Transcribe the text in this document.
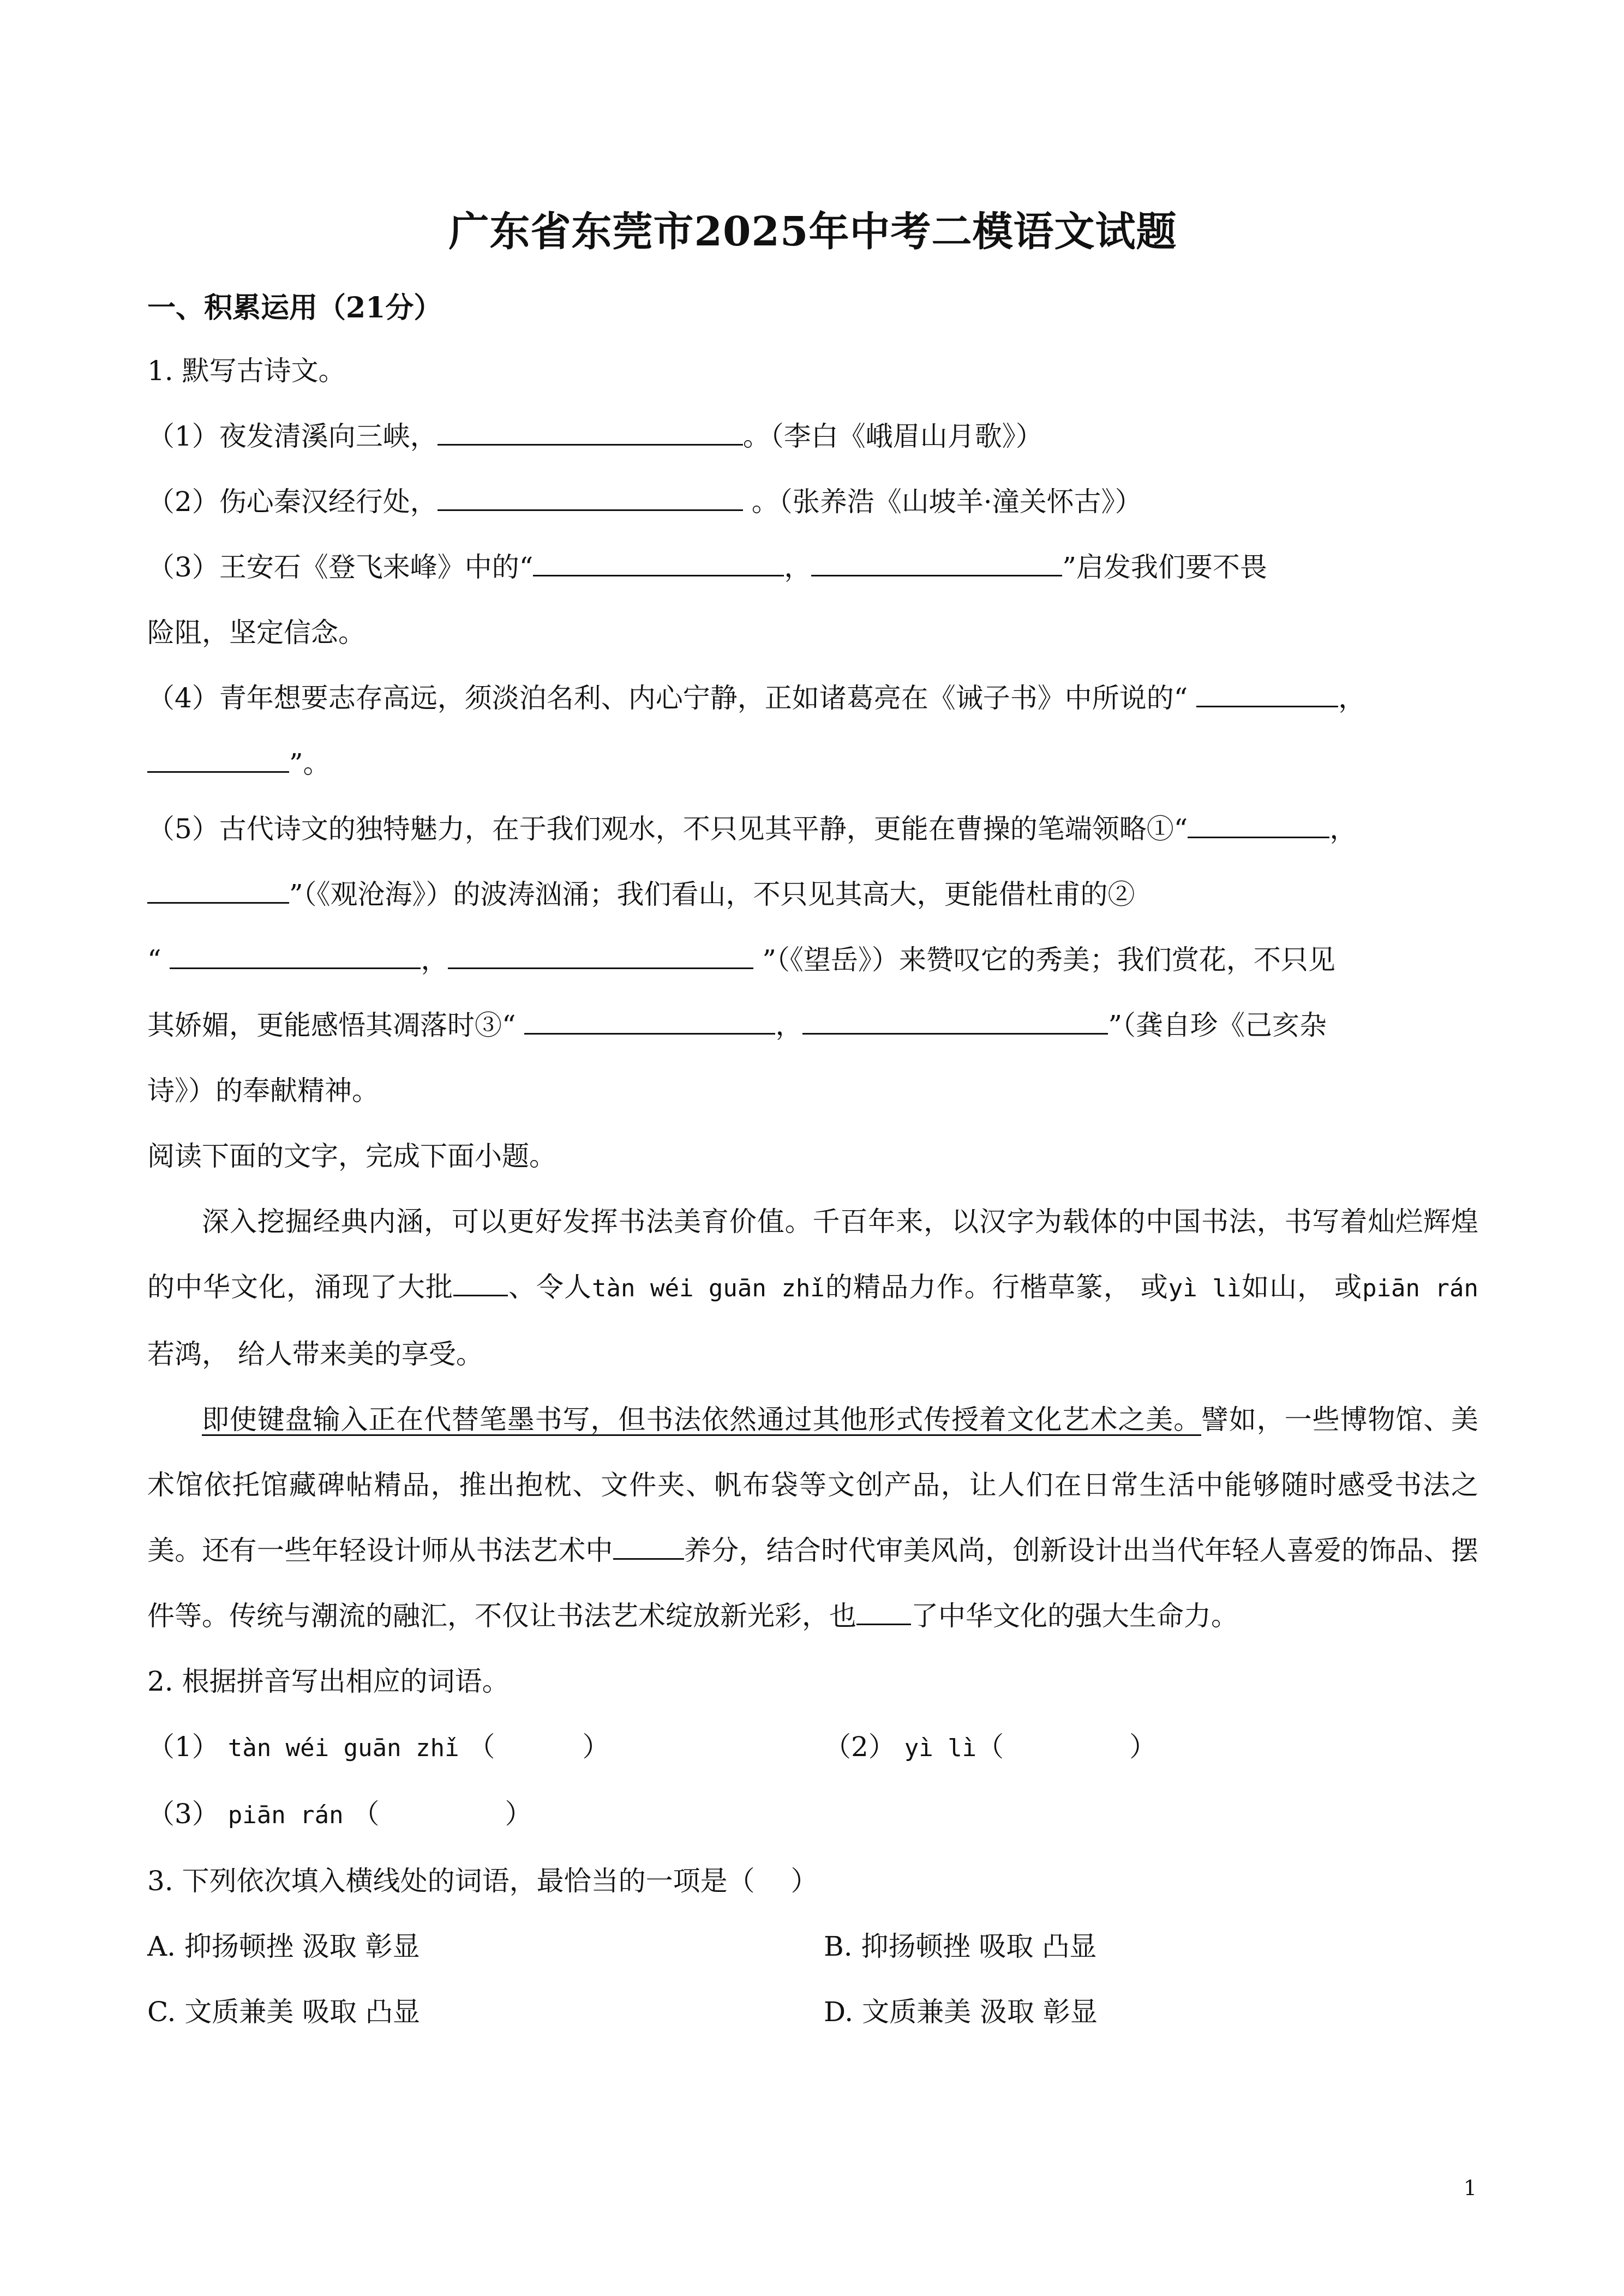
广东省东莞市2025年中考二模语文试题
一、积累运用（21分）
1. 默写古诗文。
（1）夜发清溪向三峡，	。（李白《峨眉山月歌》）
（2）伤心秦汉经行处，	。（张养浩《山坡羊·潼关怀古》）
（3）王安石《登飞来峰》中的“	，	”启发我们要不畏
险阻，坚定信念。
（4）青年想要志存高远，须淡泊名利、内心宁静，正如诸葛亮在《诫子书》中所说的“	，
”。
（5）古代诗文的独特魅力，在于我们观水，不只见其平静，更能在曹操的笔端领略①“	，
”（《观沧海》）的波涛汹涌；我们看山，不只见其高大，更能借杜甫的②
“	，	”（《望岳》）来赞叹它的秀美；我们赏花，不只见
其娇媚，更能感悟其凋落时③“	，	”（龚自珍《己亥杂
诗》）的奉献精神。
阅读下面的文字，完成下面小题。
深入挖掘经典内涵，可以更好发挥书法美育价值。千百年来，以汉字为载体的中国书法，书写着灿烂辉煌的中华文化，涌现了大批 、令人tàn wéi guān zhǐ的精品力作。行楷草篆， 或yì lì如山， 或piān rán若鸿， 给人带来美的享受。
即使键盘输入正在代替笔墨书写，但书法依然通过其他形式传授着文化艺术之美。譬如，一些博物馆、美术馆依托馆藏碑帖精品，推出抱枕、文件夹、帆布袋等文创产品，让人们在日常生活中能够随时感受书法之美。还有一些年轻设计师从书法艺术中	养分，结合时代审美风尚，创新设计出当代年轻人喜爱的饰品、摆件等。传统与潮流的融汇，不仅让书法艺术绽放新光彩，也 了中华文化的强大生命力。
2. 根据拼音写出相应的词语。
（1） tàn wéi guān zhǐ （	）	（2） yì lì（	）
（3） piān rán （	）
3. 下列依次填入横线处的词语，最恰当的一项是（　 ）
A. 抑扬顿挫 汲取 彰显	B. 抑扬顿挫 吸取 凸显
C. 文质兼美 吸取 凸显	D. 文质兼美 汲取 彰显
1
